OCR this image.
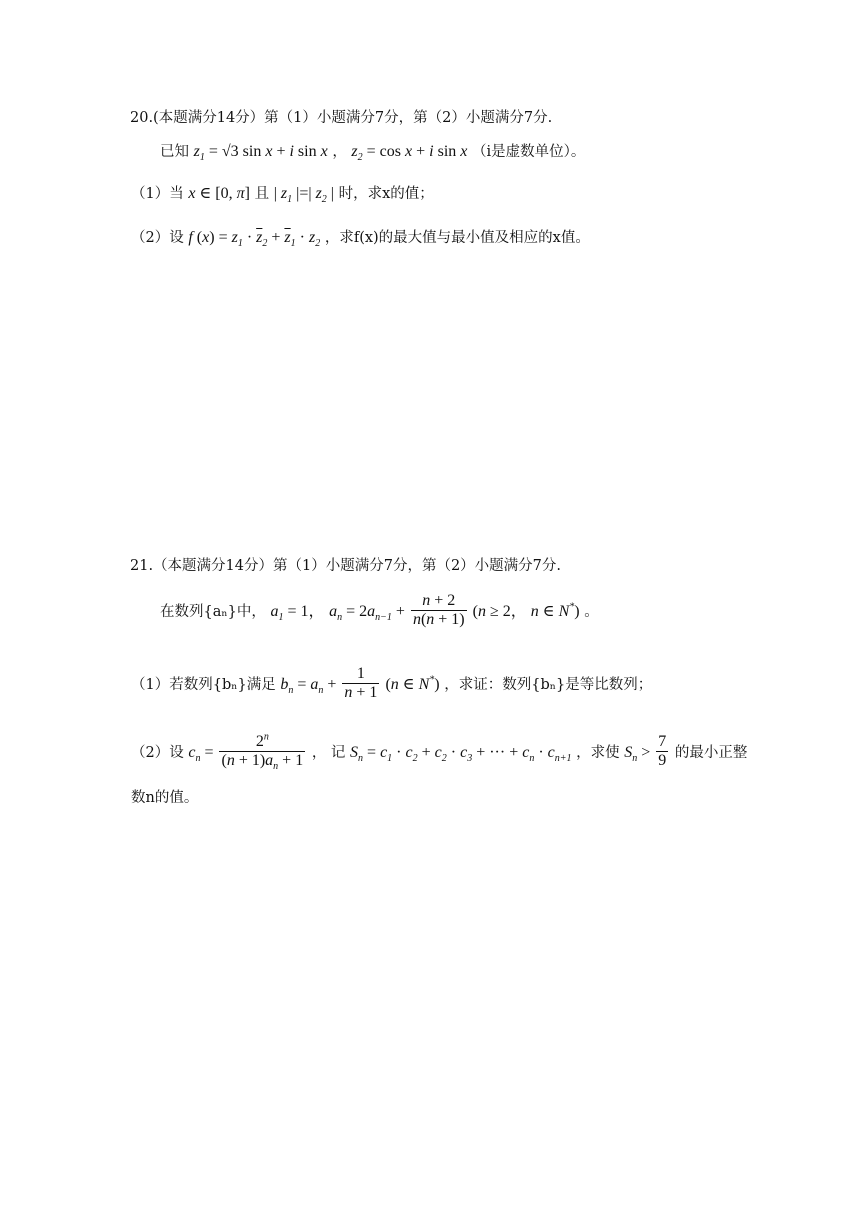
20.(本题满分14分）第（1）小题满分7分，第（2）小题满分7分.
已知 $z_1 = √3$ sin x + i sin x ， $z_2 = \cos x + i$ sin x （i是虚数单位）。
（1）当 x ∈ [0, π] 且 | $z_1$ |=| $z_2$ | 时，求x的值；
（2）设 f $(x) = z_1 \cdot \overline{z}_2 + \overline{z}_1 \cdot z_2$ ，求f(x)的最大值与最小值及相应的x值。
21.（本题满分14分）第（1）小题满分7分，第（2）小题满分7分.
在数列{aₙ}中， $a_1 = 1$， $a_n = 2a_{n-1} + \frac{n + 2}{n(n + 1)} (n \ge 2$， n ∈ N*) 。
（1）若数列{bₙ}满足 $b_n = a_n + \frac{1}{n + 1} (n$ ∈ N*) ，求证：数列{bₙ}是等比数列；
（2）设 $c_n = \frac{2^n}{(n + 1)a_n + 1}$ ， 记 $S_n = c_1 \cdot c_2 + c_2 \cdot c_3$ + ··· + $c_n \cdot c_{n+1}$ ，求使 $S_n > \frac{7}{9}$ 的最小正整
数n的值。
